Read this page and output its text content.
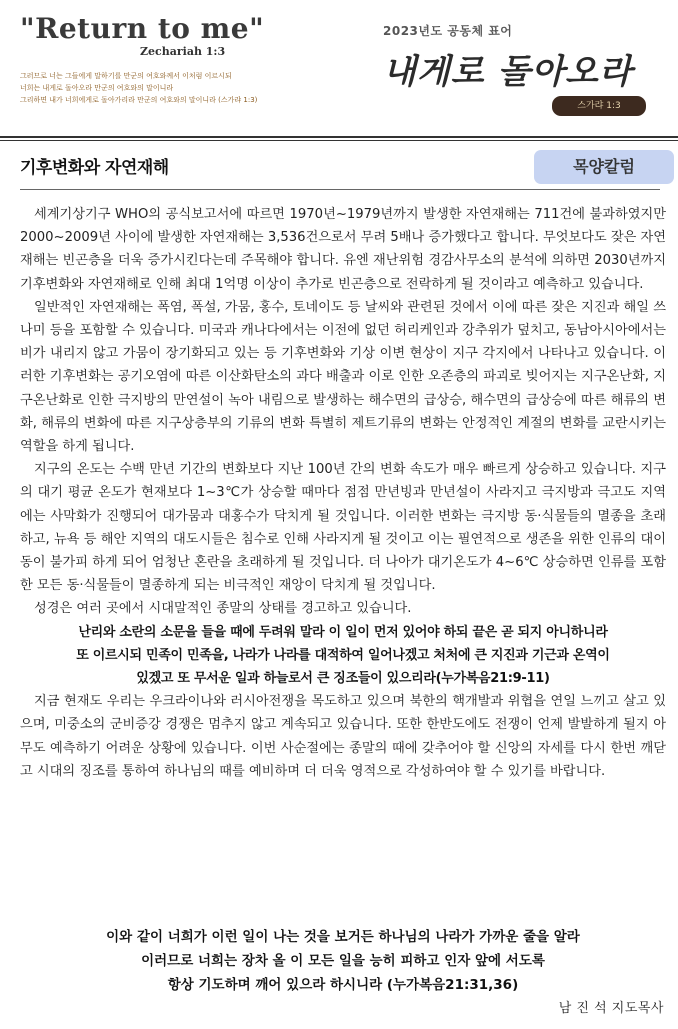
"Return to me"
Zechariah 1:3
그러므로 너는 그들에게 말하기를 만군의 여호와께서 이처럼 이르시되
너희는 내게로 돌아오라 만군의 여호와의 말이니라
그리하면 내가 너희에게로 돌아가리라 만군의 여호와의 말이니라 (스가랴 1:3)
2023년도 공동체 표어
내게로 돌아오라
스가랴 1:3
기후변화와 자연재해	목양칼럼

세계기상기구 WHO의 공식보고서에 따르면 1970년~1979년까지 발생한 자연재해는 711건에 불과하였지만 2000~2009년 사이에 발생한 자연재해는 3,536건으로서 무려 5배나 증가했다고 합니다. 무엇보다도 잦은 자연 재해는 빈곤층을 더욱 증가시킨다는데 주목해야 합니다. 유엔 재난위험 경감사무소의 분석에 의하면 2030년까지 기후변화와 자연재해로 인해 최대 1억명 이상이 추가로 빈곤층으로 전락하게 될 것이라고 예측하고 있습니다.

일반적인 자연재해는 폭염, 폭설, 가뭄, 홍수, 토네이도 등 날씨와 관련된 것에서 이에 따른 잦은 지진과 해일 쓰나미 등을 포함할 수 있습니다. 미국과 캐나다에서는 이전에 없던 허리케인과 강추위가 덮치고, 동남아시아에서는 비가 내리지 않고 가뭄이 장기화되고 있는 등 기후변화와 기상 이변 현상이 지구 각지에서 나타나고 있습니다. 이러한 기후변화는 공기오염에 따른 이산화탄소의 과다 배출과 이로 인한 오존층의 파괴로 빚어지는 지구온난화, 지구온난화로 인한 극지방의 만연설이 녹아 내림으로 발생하는 해수면의 급상승, 해수면의 급상승에 따른 해류의 변화, 해류의 변화에 따른 지구상층부의 기류의 변화 특별히 제트기류의 변화는 안정적인 계절의 변화를 교란시키는 역할을 하게 됩니다.

지구의 온도는 수백 만년 기간의 변화보다 지난 100년 간의 변화 속도가 매우 빠르게 상승하고 있습니다. 지구의 대기 평균 온도가 현재보다 1~3℃가 상승할 때마다 점점 만년빙과 만년설이 사라지고 극지방과 극고도 지역에는 사막화가 진행되어 대가뭄과 대홍수가 닥치게 될 것입니다. 이러한 변화는 극지방 동·식물들의 멸종을 초래하고, 뉴욕 등 해안 지역의 대도시들은 침수로 인해 사라지게 될 것이고 이는 필연적으로 생존을 위한 인류의 대이동이 불가피 하게 되어 엄청난 혼란을 초래하게 될 것입니다. 더 나아가 대기온도가 4~6℃ 상승하면 인류를 포함한 모든 동·식물들이 멸종하게 되는 비극적인 재앙이 닥치게 될 것입니다.

성경은 여러 곳에서 시대말적인 종말의 상태를 경고하고 있습니다.

난리와 소란의 소문을 들을 때에 두려워 말라 이 일이 먼저 있어야 하되 끝은 곧 되지 아니하니라
또 이르시되 민족이 민족을, 나라가 나라를 대적하여 일어나겠고 처처에 큰 지진과 기근과 온역이
있겠고 또 무서운 일과 하늘로서 큰 징조들이 있으리라(누가복음21:9-11)

지금 현재도 우리는 우크라이나와 러시아전쟁을 목도하고 있으며 북한의 핵개발과 위협을 연일 느끼고 살고 있으며, 미중소의 군비증강 경쟁은 멈추지 않고 계속되고 있습니다. 또한 한반도에도 전쟁이 언제 발발하게 될지 아무도 예측하기 어려운 상황에 있습니다. 이번 사순절에는 종말의 때에 갖추어야 할 신앙의 자세를 다시 한번 깨닫고 시대의 징조를 통하여 하나님의 때를 예비하며 더 더욱 영적으로 각성하여야 할 수 있기를 바랍니다.

이와 같이 너희가 이런 일이 나는 것을 보거든 하나님의 나라가 가까운 줄을 알라
이러므로 너희는 장차 올 이 모든 일을 능히 피하고 인자 앞에 서도록
항상 기도하며 깨어 있으라 하시니라 (누가복음21:31,36)
남 진 석 지도목사
